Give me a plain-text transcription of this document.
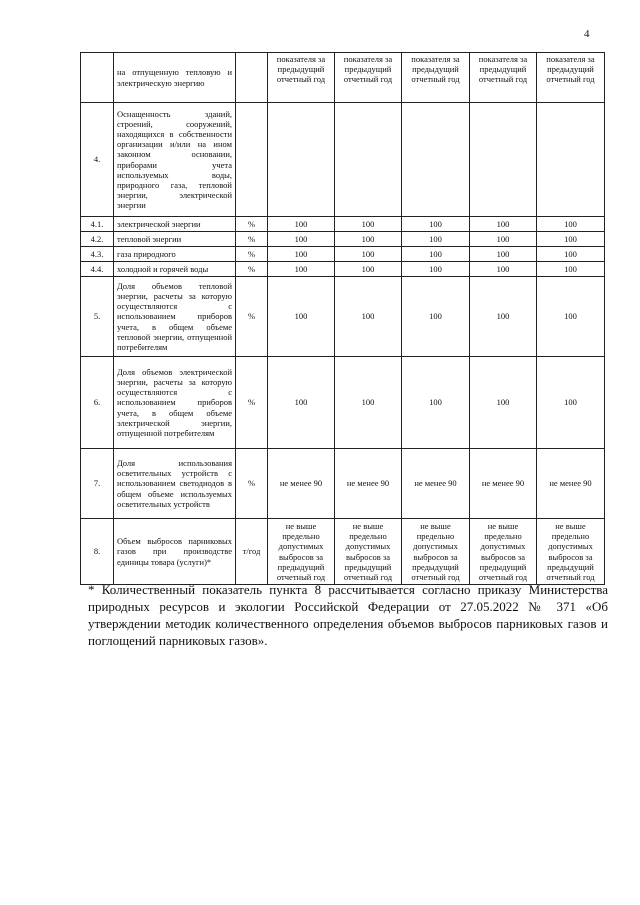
4
	на отпущенную тепловую и электрическую энергию		показателя за предыдущий отчетный год	показателя за предыдущий отчетный год	показателя за предыдущий отчетный год	показателя за предыдущий отчетный год	показателя за предыдущий отчетный год
4.	Оснащенность зданий, строений, сооружений, находящихся в собственности организации и/или на ином законном основании, приборами учета используемых воды, природного газа, тепловой энергии, электрической энергии						
4.1.	электрической энергии	%	100	100	100	100	100
4.2.	тепловой энергии	%	100	100	100	100	100
4.3.	газа природного	%	100	100	100	100	100
4.4.	холодной и горячей воды	%	100	100	100	100	100
5.	Доля объемов тепловой энергии, расчеты за которую осуществляются с использованием приборов учета, в общем объеме тепловой энергии, отпущенной потребителям	%	100	100	100	100	100
6.	Доля объемов электрической энергии, расчеты за которую осуществляются с использованием приборов учета, в общем объеме электрической энергии, отпущенной потребителям	%	100	100	100	100	100
7.	Доля использования осветительных устройств с использованием светодиодов в общем объеме используемых осветительных устройств	%	не менее 90	не менее 90	не менее 90	не менее 90	не менее 90
8.	Объем выбросов парниковых газов при производстве единицы товара (услуги)*	т/год	не выше предельно допустимых выбросов за предыдущий отчетный год	не выше предельно допустимых выбросов за предыдущий отчетный год	не выше предельно допустимых выбросов за предыдущий отчетный год	не выше предельно допустимых выбросов за предыдущий отчетный год	не выше предельно допустимых выбросов за предыдущий отчетный год
* Количественный показатель пункта 8 рассчитывается согласно приказу Министерства природных ресурсов и экологии Российской Федерации от 27.05.2022 № 371 «Об утверждении методик количественного определения объемов выбросов парниковых газов и поглощений парниковых газов».
